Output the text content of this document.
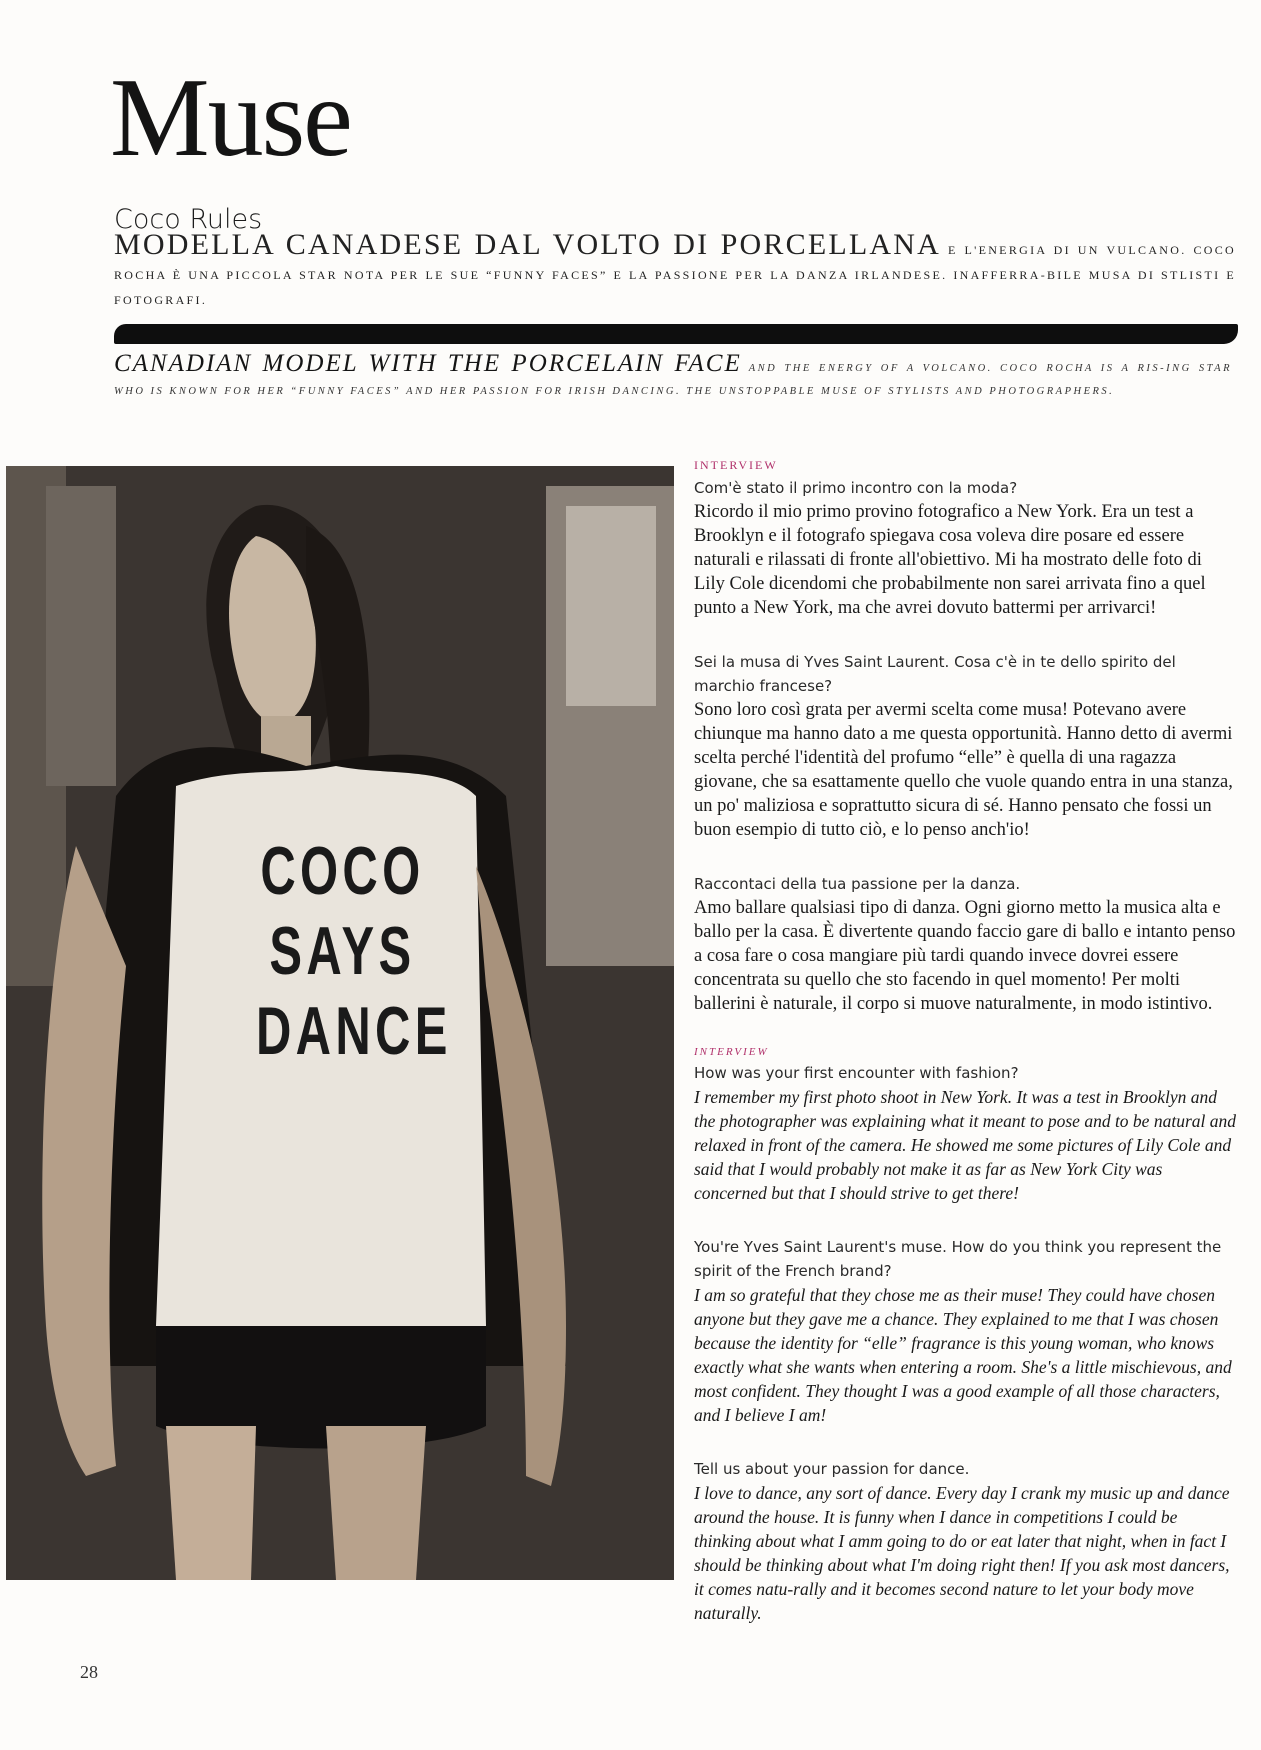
Muse
Coco Rules
MODELLA CANADESE DAL VOLTO DI PORCELLANA E L'ENERGIA DI UN VULCANO. COCO ROCHA È UNA PICCOLA STAR NOTA PER LE SUE “FUNNY FACES” E LA PASSIONE PER LA DANZA IRLANDESE. INAFFERRA-BILE MUSA DI STLISTI E FOTOGRAFI.
CANADIAN MODEL WITH THE PORCELAIN FACE AND THE ENERGY OF A VOLCANO. COCO ROCHA IS A RIS-ING STAR WHO IS KNOWN FOR HER “FUNNY FACES” AND HER PASSION FOR IRISH DANCING. THE UNSTOPPABLE MUSE OF STYLISTS AND PHOTOGRAPHERS.
COCO
SAYS
DANCE
INTERVIEW

Com'è stato il primo incontro con la moda?

Ricordo il mio primo provino fotografico a New York. Era un test a Brooklyn e il fotografo spiegava cosa voleva dire posare ed essere naturali e rilassati di fronte all'obiettivo. Mi ha mostrato delle foto di Lily Cole dicendomi che probabilmente non sarei arrivata fino a quel punto a New York, ma che avrei dovuto battermi per arrivarci!

Sei la musa di Yves Saint Laurent. Cosa c'è in te dello spirito del marchio francese?

Sono loro così grata per avermi scelta come musa! Potevano avere chiunque ma hanno dato a me questa opportunità. Hanno detto di avermi scelta perché l'identità del profumo “elle” è quella di una ragazza giovane, che sa esattamente quello che vuole quando entra in una stanza, un po' maliziosa e soprattutto sicura di sé. Hanno pensato che fossi un buon esempio di tutto ciò, e lo penso anch'io!

Raccontaci della tua passione per la danza.

Amo ballare qualsiasi tipo di danza. Ogni giorno metto la musica alta e ballo per la casa. È divertente quando faccio gare di ballo e intanto penso a cosa fare o cosa mangiare più tardi quando invece dovrei essere concentrata su quello che sto facendo in quel momento! Per molti ballerini è naturale, il corpo si muove naturalmente, in modo istintivo.

INTERVIEW

How was your first encounter with fashion?

I remember my first photo shoot in New York. It was a test in Brooklyn and the photographer was explaining what it meant to pose and to be natural and relaxed in front of the camera. He showed me some pictures of Lily Cole and said that I would probably not make it as far as New York City was concerned but that I should strive to get there!

You're Yves Saint Laurent's muse. How do you think you represent the spirit of the French brand?

I am so grateful that they chose me as their muse! They could have chosen anyone but they gave me a chance. They explained to me that I was chosen because the identity for “elle” fragrance is this young woman, who knows exactly what she wants when entering a room. She's a little mischievous, and most confident. They thought I was a good example of all those characters, and I believe I am!

Tell us about your passion for dance.

I love to dance, any sort of dance. Every day I crank my music up and dance around the house. It is funny when I dance in competitions I could be thinking about what I amm going to do or eat later that night, when in fact I should be thinking about what I'm doing right then! If you ask most dancers, it comes natu-rally and it becomes second nature to let your body move naturally.

28
